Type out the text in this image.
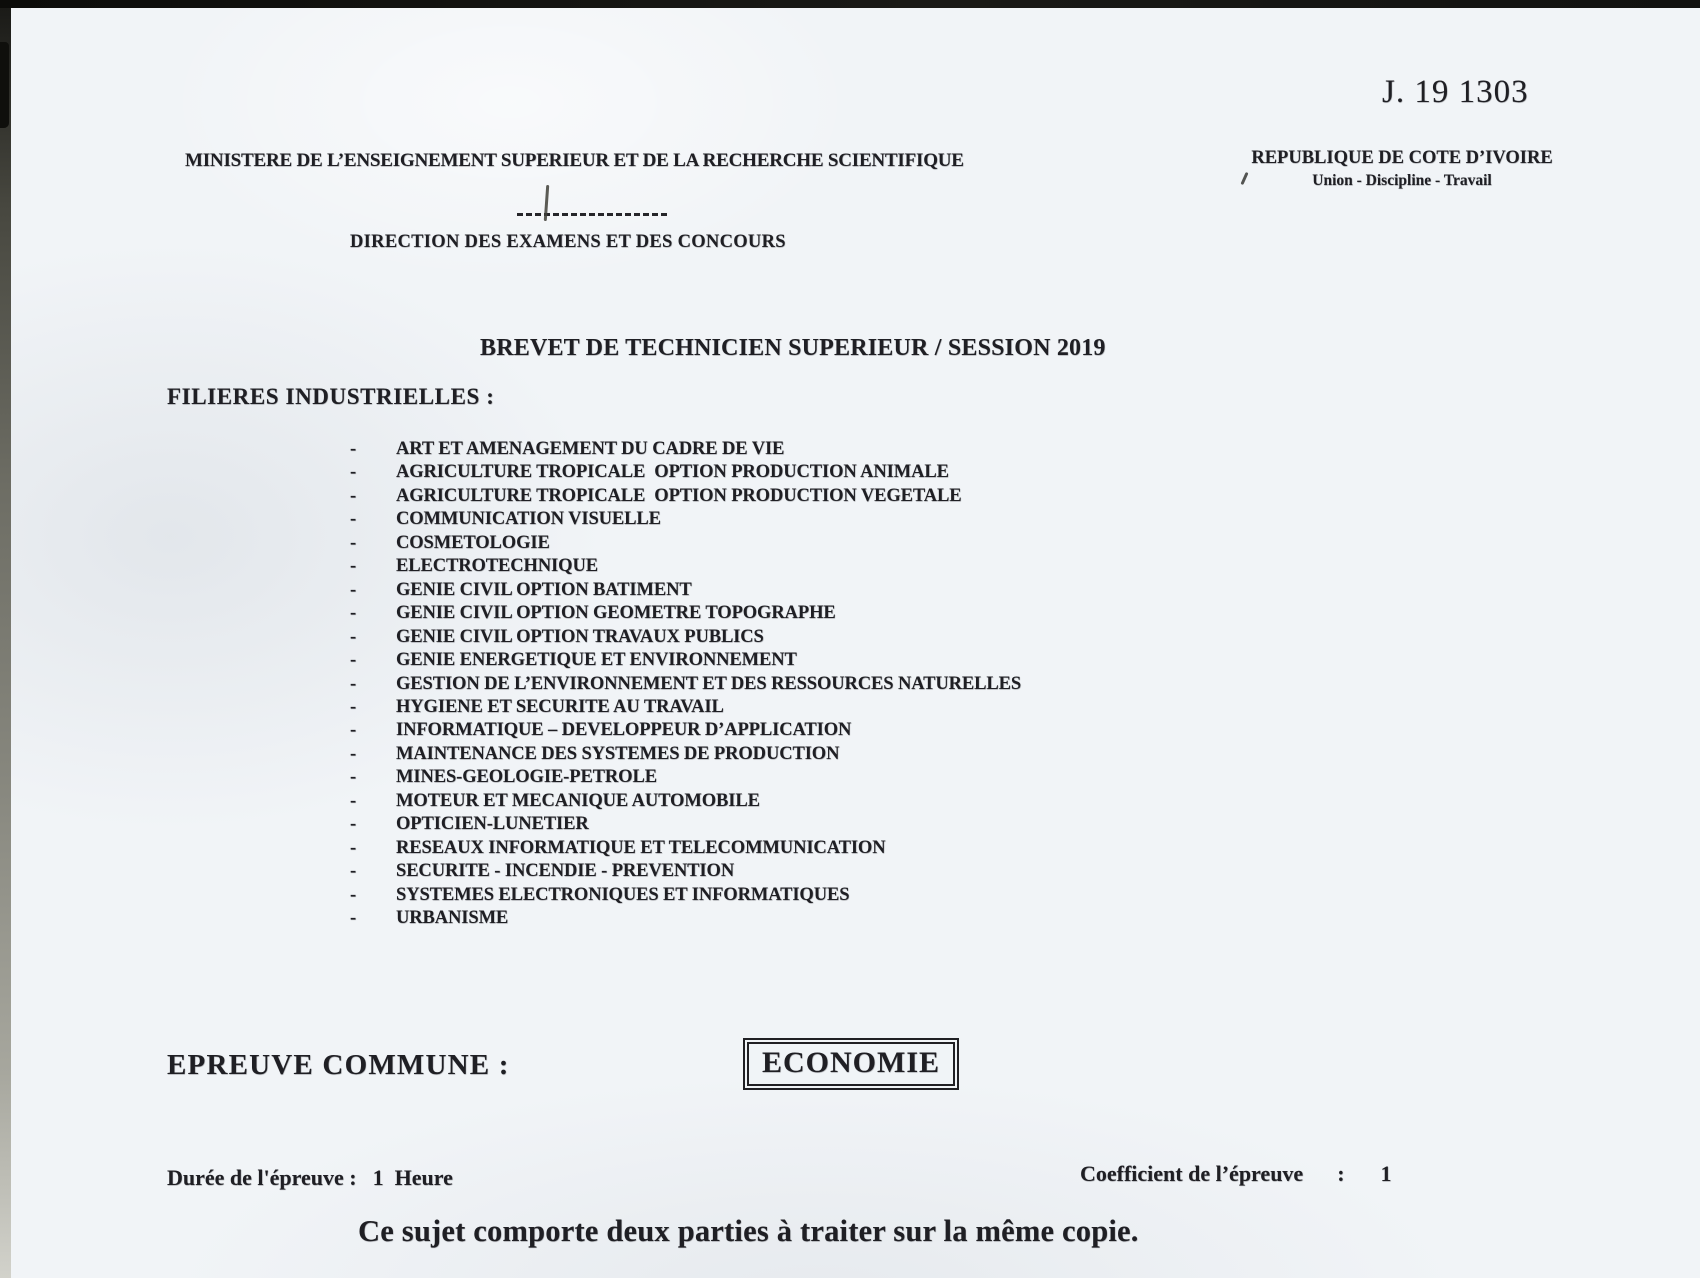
J. 19 1303
MINISTERE DE L’ENSEIGNEMENT SUPERIEUR ET DE LA RECHERCHE SCIENTIFIQUE	REPUBLIQUE DE COTE D’IVOIRE
Union - Discipline - Travail
DIRECTION DES EXAMENS ET DES CONCOURS
BREVET DE TECHNICIEN SUPERIEUR / SESSION 2019
FILIERES INDUSTRIELLES :
-	ART ET AMENAGEMENT DU CADRE DE VIE
-	AGRICULTURE TROPICALE  OPTION PRODUCTION ANIMALE
-	AGRICULTURE TROPICALE  OPTION PRODUCTION VEGETALE
-	COMMUNICATION VISUELLE
-	COSMETOLOGIE
-	ELECTROTECHNIQUE
-	GENIE CIVIL OPTION BATIMENT
-	GENIE CIVIL OPTION GEOMETRE TOPOGRAPHE
-	GENIE CIVIL OPTION TRAVAUX PUBLICS
-	GENIE ENERGETIQUE ET ENVIRONNEMENT
-	GESTION DE L’ENVIRONNEMENT ET DES RESSOURCES NATURELLES
-	HYGIENE ET SECURITE AU TRAVAIL
-	INFORMATIQUE – DEVELOPPEUR D’APPLICATION
-	MAINTENANCE DES SYSTEMES DE PRODUCTION
-	MINES-GEOLOGIE-PETROLE
-	MOTEUR ET MECANIQUE AUTOMOBILE
-	OPTICIEN-LUNETIER
-	RESEAUX INFORMATIQUE ET TELECOMMUNICATION
-	SECURITE - INCENDIE - PREVENTION
-	SYSTEMES ELECTRONIQUES ET INFORMATIQUES
-	URBANISME
EPREUVE COMMUNE :	ECONOMIE
Durée de l'épreuve : 1  Heure	Coefficient de l’épreuve : 1
Ce sujet comporte deux parties à traiter sur la même copie.
